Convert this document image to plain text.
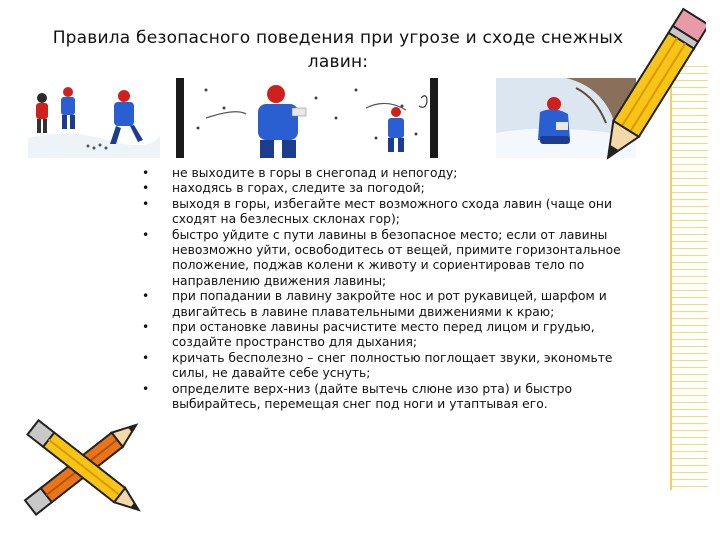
Правила безопасного поведения при угрозе и сходе снежных лавин:
• не выходите в горы в снегопад и непогоду;
• находясь в горах, следите за погодой;
• выходя в горы, избегайте мест возможного схода лавин (чаще они сходят на безлесных склонах гор);
• быстро уйдите с пути лавины в безопасное место; если от лавины невозможно уйти, освободитесь от вещей, примите горизонтальное положение, поджав колени к животу и сориентировав тело по направлению движения лавины;
• при попадании в лавину закройте нос и рот рукавицей, шарфом и двигайтесь в лавине плавательными движениями к краю;
• при остановке лавины расчистите место перед лицом и грудью, создайте пространство для дыхания;
• кричать бесполезно – снег полностью поглощает звуки, экономьте силы, не давайте себе уснуть;
• определите верх-низ (дайте вытечь слюне изо рта) и быстро выбирайтесь, перемещая снег под ноги и утаптывая его.
